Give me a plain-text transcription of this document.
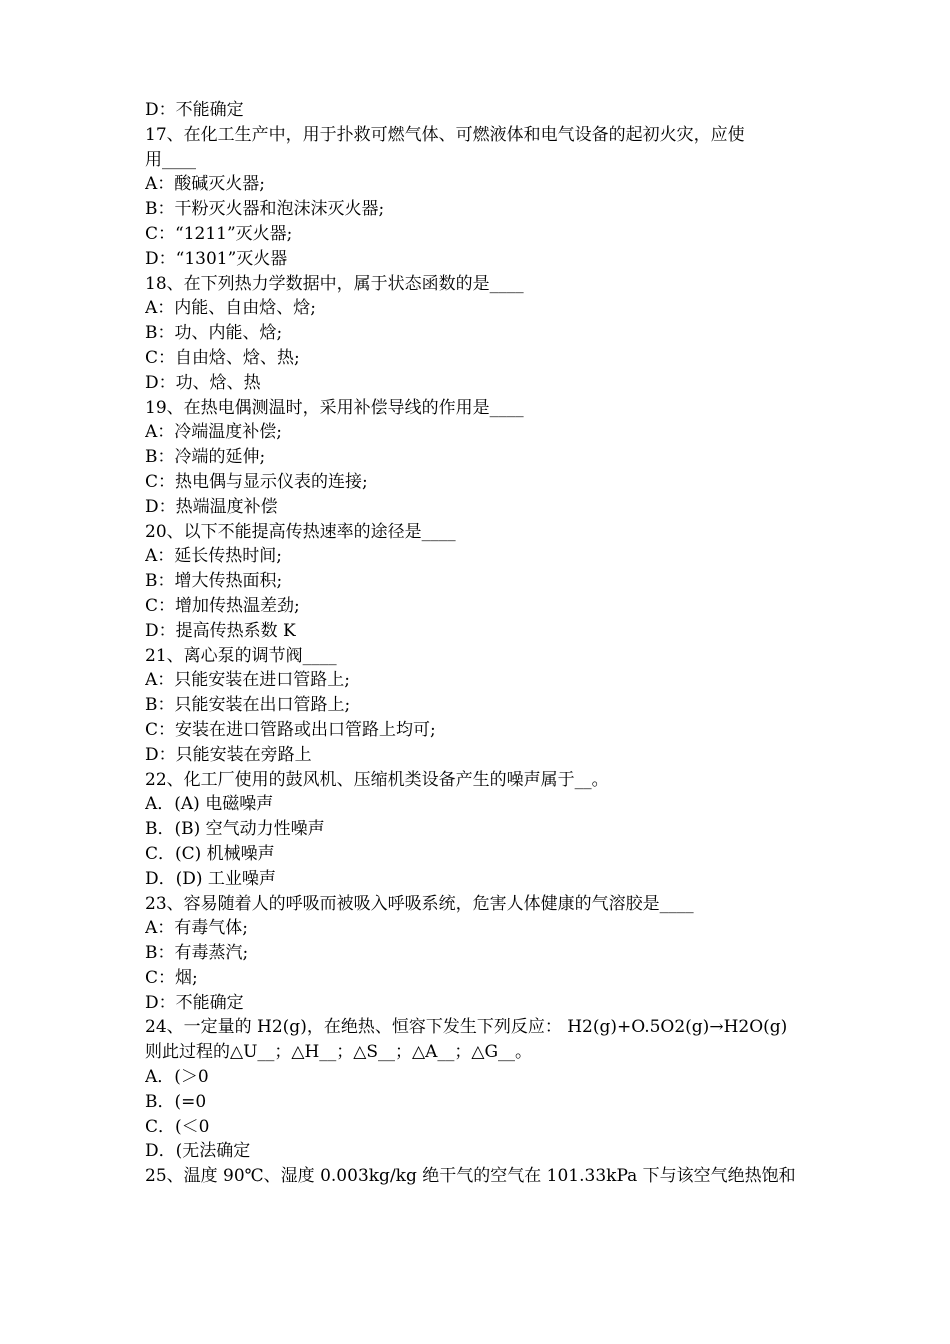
D：不能确定
17、在化工生产中，用于扑救可燃气体、可燃液体和电气设备的起初火灾，应使
用____
A：酸碱灭火器;
B：干粉灭火器和泡沫沫灭火器;
C：“1211”灭火器;
D：“1301”灭火器
18、在下列热力学数据中，属于状态函数的是____
A：内能、自由焓、焓;
B：功、内能、焓;
C：自由焓、焓、热;
D：功、焓、热
19、在热电偶测温时，采用补偿导线的作用是____
A：冷端温度补偿;
B：冷端的延伸;
C：热电偶与显示仪表的连接;
D：热端温度补偿
20、以下不能提高传热速率的途径是____
A：延长传热时间;
B：增大传热面积;
C：增加传热温差劲;
D：提高传热系数 K
21、离心泵的调节阀____
A：只能安装在进口管路上;
B：只能安装在出口管路上;
C：安装在进口管路或出口管路上均可;
D：只能安装在旁路上
22、化工厂使用的鼓风机、压缩机类设备产生的噪声属于__。
A．(A) 电磁噪声
B．(B) 空气动力性噪声
C．(C) 机械噪声
D．(D) 工业噪声
23、容易随着人的呼吸而被吸入呼吸系统，危害人体健康的气溶胶是____
A：有毒气体;
B：有毒蒸汽;
C：烟;
D：不能确定
24、一定量的 H2(g)，在绝热、恒容下发生下列反应： H2(g)+O.5O2(g)→H2O(g)
则此过程的△U__；△H__；△S__；△A__；△G__。
A．(＞0
B．(=0
C．(＜0
D．(无法确定
25、温度 90℃、湿度 0.003kg/kg 绝干气的空气在 101.33kPa 下与该空气绝热饱和
